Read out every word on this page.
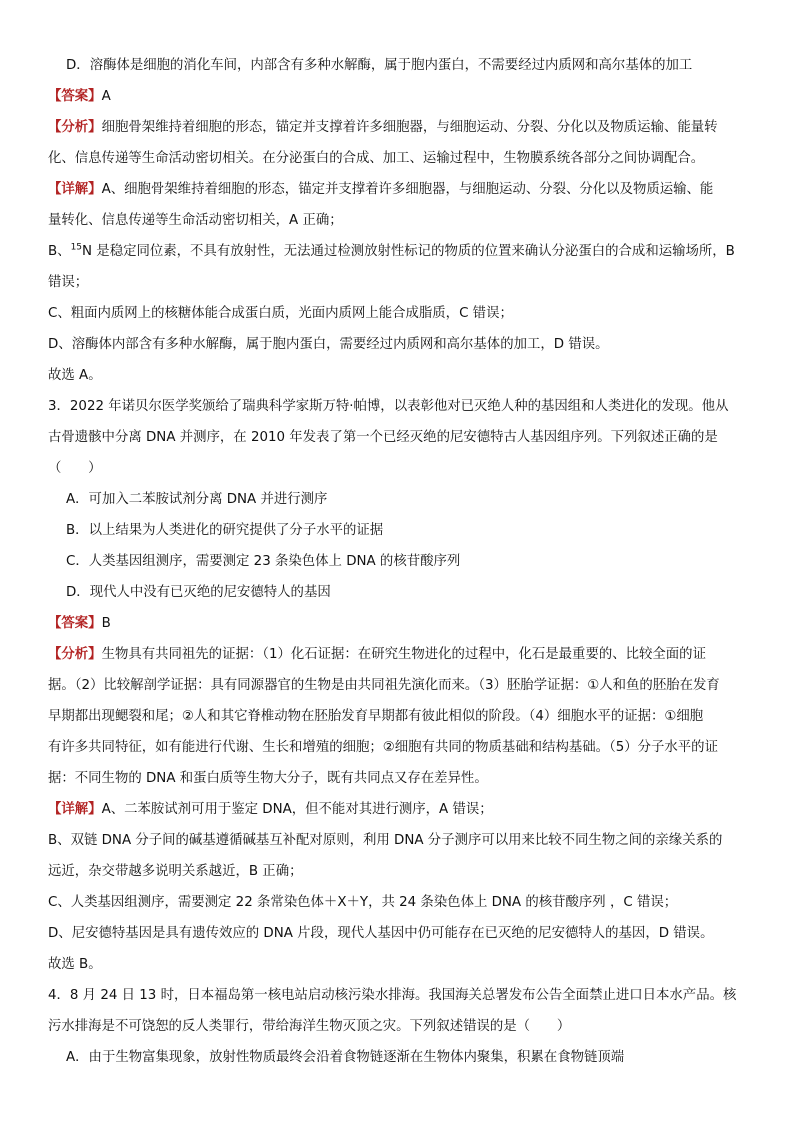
D．溶酶体是细胞的消化车间，内部含有多种水解酶，属于胞内蛋白，不需要经过内质网和高尔基体的加工
【答案】A
【分析】细胞骨架维持着细胞的形态，锚定并支撑着许多细胞器，与细胞运动、分裂、分化以及物质运输、能量转
化、信息传递等生命活动密切相关。在分泌蛋白的合成、加工、运输过程中，生物膜系统各部分之间协调配合。
【详解】A、细胞骨架维持着细胞的形态，锚定并支撑着许多细胞器，与细胞运动、分裂、分化以及物质运输、能
量转化、信息传递等生命活动密切相关，A 正确；
B、$^{15}$N 是稳定同位素，不具有放射性，无法通过检测放射性标记的物质的位置来确认分泌蛋白的合成和运输场所，B
错误；
C、粗面内质网上的核糖体能合成蛋白质，光面内质网上能合成脂质，C 错误；
D、溶酶体内部含有多种水解酶，属于胞内蛋白，需要经过内质网和高尔基体的加工，D 错误。
故选 A。
3．2022 年诺贝尔医学奖颁给了瑞典科学家斯万特·帕博，以表彰他对已灭绝人种的基因组和人类进化的发现。他从
古骨遗骸中分离 DNA 并测序，在 2010 年发表了第一个已经灭绝的尼安德特古人基因组序列。下列叙述正确的是
（　　）
A．可加入二苯胺试剂分离 DNA 并进行测序
B．以上结果为人类进化的研究提供了分子水平的证据
C．人类基因组测序，需要测定 23 条染色体上 DNA 的核苷酸序列
D．现代人中没有已灭绝的尼安德特人的基因
【答案】B
【分析】生物具有共同祖先的证据：（1）化石证据：在研究生物进化的过程中，化石是最重要的、比较全面的证
据。（2）比较解剖学证据：具有同源器官的生物是由共同祖先演化而来。（3）胚胎学证据：①人和鱼的胚胎在发育
早期都出现鳃裂和尾；②人和其它脊椎动物在胚胎发育早期都有彼此相似的阶段。（4）细胞水平的证据：①细胞
有许多共同特征，如有能进行代谢、生长和增殖的细胞；②细胞有共同的物质基础和结构基础。（5）分子水平的证
据：不同生物的 DNA 和蛋白质等生物大分子，既有共同点又存在差异性。
【详解】A、二苯胺试剂可用于鉴定 DNA，但不能对其进行测序，A 错误；
B、双链 DNA 分子间的碱基遵循碱基互补配对原则，利用 DNA 分子测序可以用来比较不同生物之间的亲缘关系的
远近，杂交带越多说明关系越近，B 正确；
C、人类基因组测序，需要测定 22 条常染色体＋X＋Y，共 24 条染色体上 DNA 的核苷酸序列 ，C 错误；
D、尼安德特基因是具有遗传效应的 DNA 片段，现代人基因中仍可能存在已灭绝的尼安德特人的基因，D 错误。
故选 B。
4．8 月 24 日 13 时，日本福岛第一核电站启动核污染水排海。我国海关总署发布公告全面禁止进口日本水产品。核
污水排海是不可饶恕的反人类罪行，带给海洋生物灭顶之灾。下列叙述错误的是（　　）
A．由于生物富集现象，放射性物质最终会沿着食物链逐渐在生物体内聚集，积累在食物链顶端
